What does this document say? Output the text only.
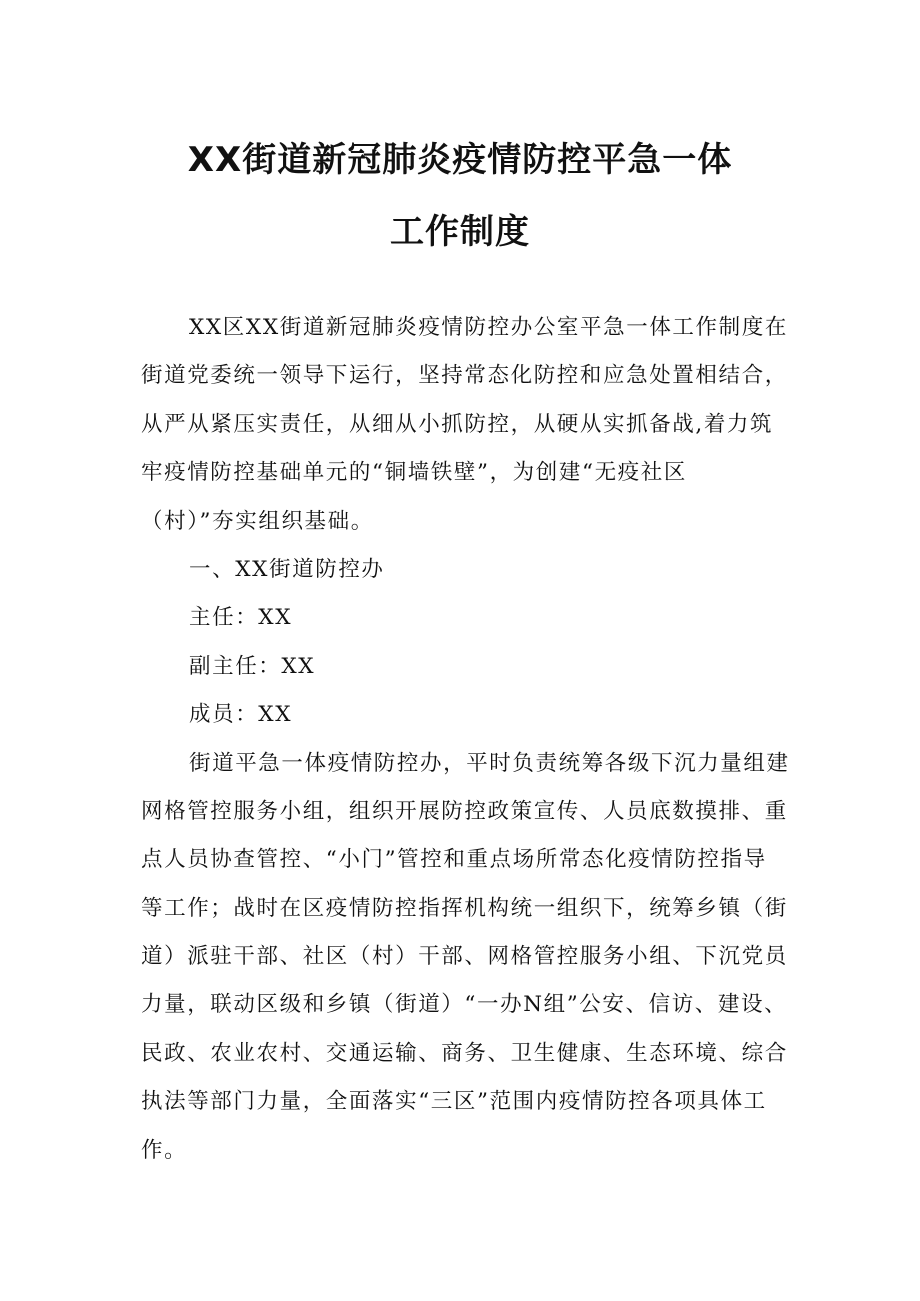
XX街道新冠肺炎疫情防控平急一体
工作制度
XX区XX街道新冠肺炎疫情防控办公室平急一体工作制度在
街道党委统一领导下运行，坚持常态化防控和应急处置相结合，
从严从紧压实责任，从细从小抓防控，从硬从实抓备战,着力筑
牢疫情防控基础单元的“铜墙铁壁”，为创建“无疫社区
（村）”夯实组织基础。
一、XX街道防控办
主任：XX
副主任：XX
成员：XX
街道平急一体疫情防控办，平时负责统筹各级下沉力量组建
网格管控服务小组，组织开展防控政策宣传、人员底数摸排、重
点人员协查管控、“小门”管控和重点场所常态化疫情防控指导
等工作；战时在区疫情防控指挥机构统一组织下，统筹乡镇（街
道）派驻干部、社区（村）干部、网格管控服务小组、下沉党员
力量，联动区级和乡镇（街道）“一办N组”公安、信访、建设、
民政、农业农村、交通运输、商务、卫生健康、生态环境、综合
执法等部门力量，全面落实“三区”范围内疫情防控各项具体工
作。
